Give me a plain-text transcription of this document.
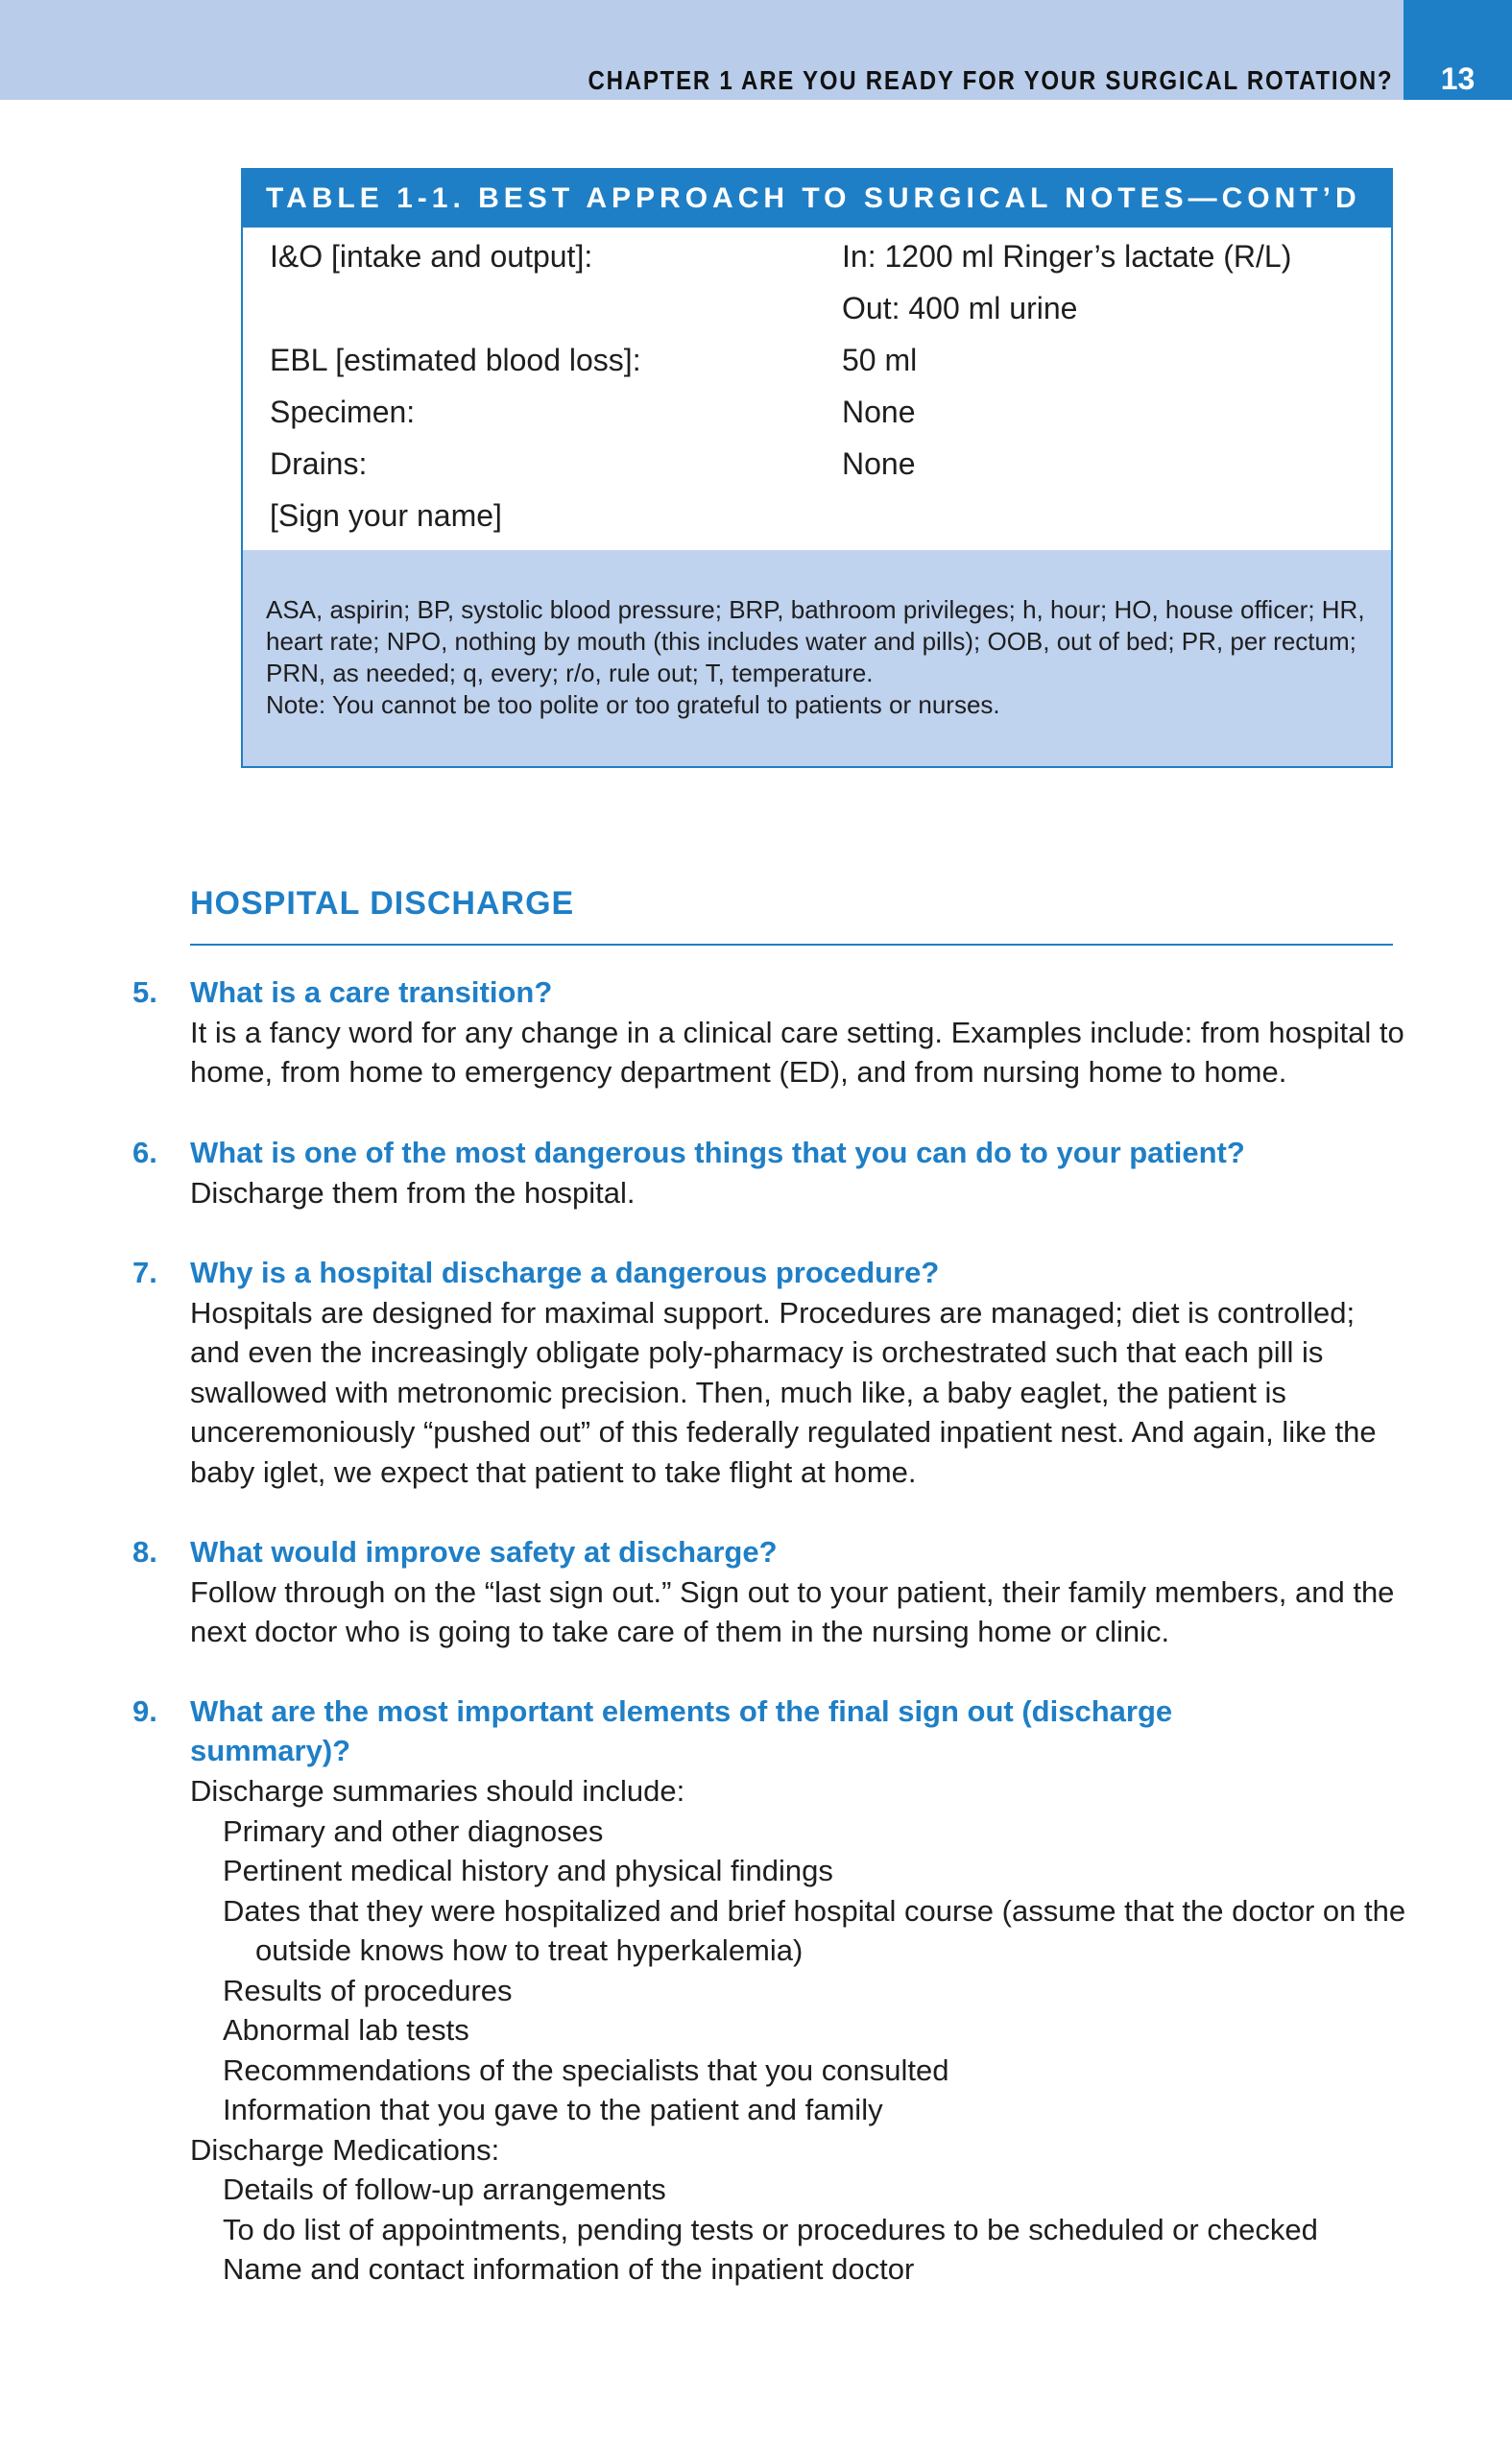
CHAPTER 1 ARE YOU READY FOR YOUR SURGICAL ROTATION?	13
TABLE 1-1. BEST APPROACH TO SURGICAL NOTES—CONT’D
I&O [intake and output]:	In: 1200 ml Ringer’s lactate (R/L)
Out: 400 ml urine
EBL [estimated blood loss]:	50 ml
Specimen:	None
Drains:	None
[Sign your name]
ASA, aspirin; BP, systolic blood pressure; BRP, bathroom privileges; h, hour; HO, house officer; HR,
heart rate; NPO, nothing by mouth (this includes water and pills); OOB, out of bed; PR, per rectum;
PRN, as needed; q, every; r/o, rule out; T, temperature.
Note: You cannot be too polite or too grateful to patients or nurses.
HOSPITAL DISCHARGE
5. What is a care transition?
It is a fancy word for any change in a clinical care setting. Examples include: from hospital to
home, from home to emergency department (ED), and from nursing home to home.
6. What is one of the most dangerous things that you can do to your patient?
Discharge them from the hospital.
7. Why is a hospital discharge a dangerous procedure?
Hospitals are designed for maximal support. Procedures are managed; diet is controlled;
and even the increasingly obligate poly-pharmacy is orchestrated such that each pill is
swallowed with metronomic precision. Then, much like, a baby eaglet, the patient is
unceremoniously “pushed out” of this federally regulated inpatient nest. And again, like the
baby iglet, we expect that patient to take flight at home.
8. What would improve safety at discharge?
Follow through on the “last sign out.” Sign out to your patient, their family members, and the
next doctor who is going to take care of them in the nursing home or clinic.
9. What are the most important elements of the final sign out (discharge
summary)?
Discharge summaries should include:
Primary and other diagnoses
Pertinent medical history and physical findings
Dates that they were hospitalized and brief hospital course (assume that the doctor on the
outside knows how to treat hyperkalemia)
Results of procedures
Abnormal lab tests
Recommendations of the specialists that you consulted
Information that you gave to the patient and family
Discharge Medications:
Details of follow-up arrangements
To do list of appointments, pending tests or procedures to be scheduled or checked
Name and contact information of the inpatient doctor
